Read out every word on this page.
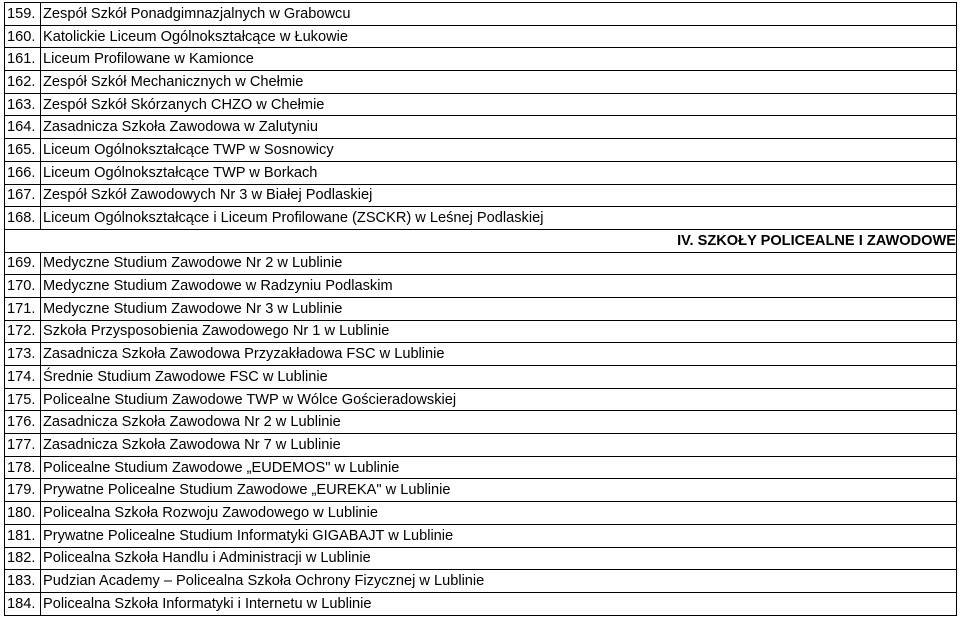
159.	Zespół Szkół Ponadgimnazjalnych w Grabowcu
160.	Katolickie Liceum Ogólnokształcące w Łukowie
161.	Liceum Profilowane w Kamionce
162.	Zespół Szkół Mechanicznych w Chełmie
163.	Zespół Szkół Skórzanych CHZO w Chełmie
164.	Zasadnicza Szkoła Zawodowa w Zalutyniu
165.	Liceum Ogólnokształcące TWP w Sosnowicy
166.	Liceum Ogólnokształcące TWP w Borkach
167.	Zespół Szkół Zawodowych Nr 3 w Białej Podlaskiej
168.	Liceum Ogólnokształcące i Liceum Profilowane (ZSCKR) w Leśnej Podlaskiej
IV. SZKOŁY POLICEALNE I ZAWODOWE	
169.	Medyczne Studium Zawodowe Nr 2 w Lublinie
170.	Medyczne Studium Zawodowe w Radzyniu Podlaskim
171.	Medyczne Studium Zawodowe Nr 3 w Lublinie
172.	Szkoła Przysposobienia Zawodowego Nr 1 w Lublinie
173.	Zasadnicza Szkoła Zawodowa Przyzakładowa FSC w Lublinie
174.	Średnie Studium Zawodowe FSC w Lublinie
175.	Policealne Studium Zawodowe TWP w Wólce Gościeradowskiej
176.	Zasadnicza Szkoła Zawodowa Nr 2 w Lublinie
177.	Zasadnicza Szkoła Zawodowa Nr 7 w Lublinie
178.	Policealne Studium Zawodowe „EUDEMOS" w Lublinie
179.	Prywatne Policealne Studium Zawodowe „EUREKA" w Lublinie
180.	Policealna Szkoła Rozwoju Zawodowego w Lublinie
181.	Prywatne Policealne Studium Informatyki GIGABAJT w Lublinie
182.	Policealna Szkoła Handlu i Administracji w Lublinie
183.	Pudzian Academy – Policealna Szkoła Ochrony Fizycznej w Lublinie
184.	Policealna Szkoła Informatyki i Internetu w Lublinie
